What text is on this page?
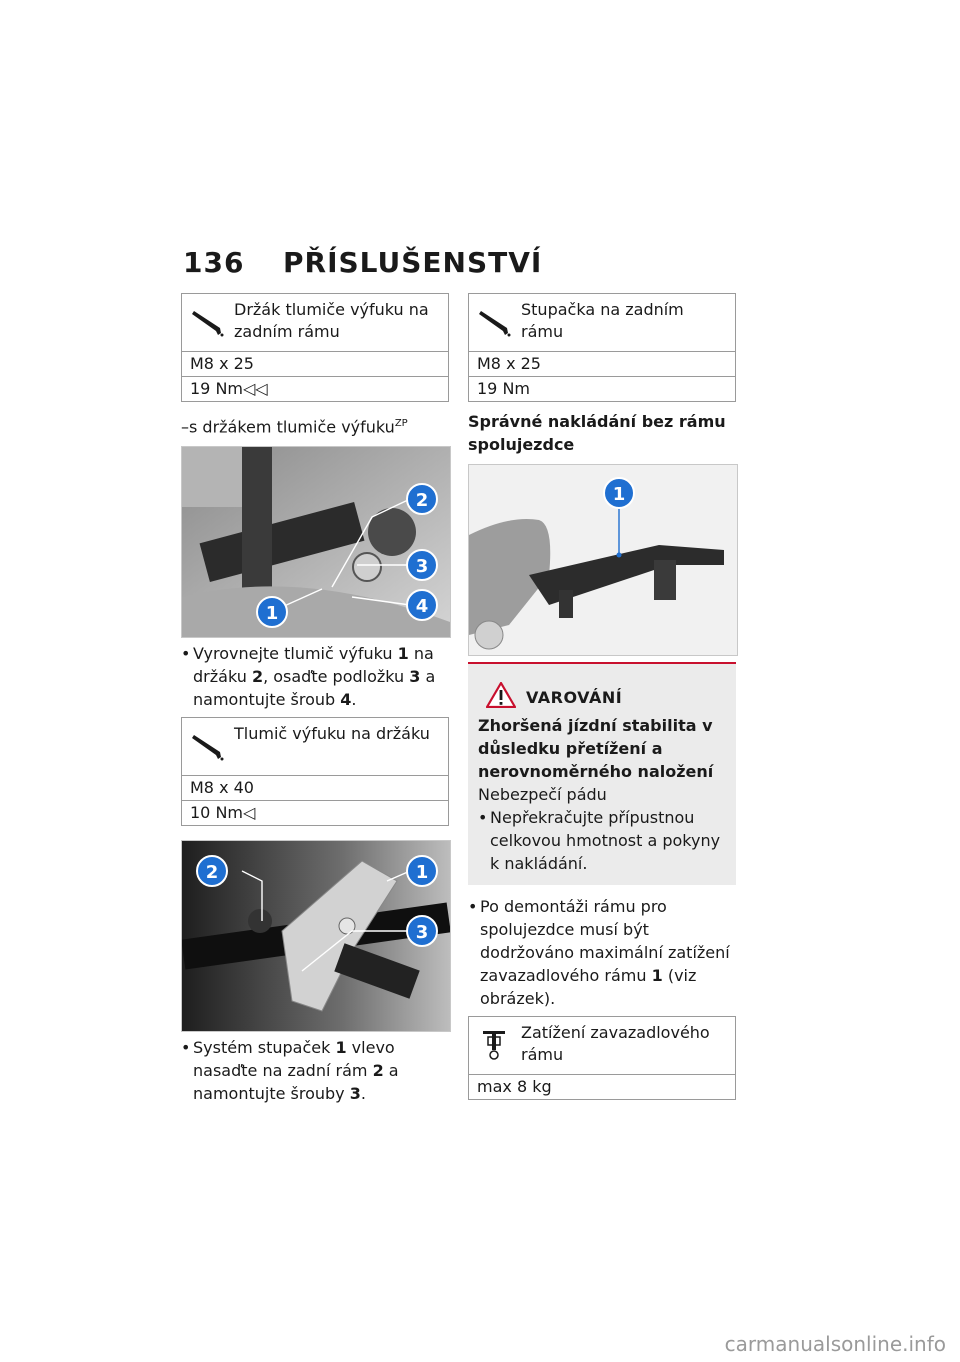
136 PŘÍSLUŠENSTVÍ
Držák tlumiče výfuku na zadním rámu
M8 x 25
19 Nm◁◁
–s držákem tlumiče výfuku$^{ZP}$
1
2
3
4
• Vyrovnejte tlumič výfuku 1 na držáku 2, osaďte podložku 3 a namontujte šroub 4.
Tlumič výfuku na držáku
M8 x 40
10 Nm◁
1
2
3
• Systém stupaček 1 vlevo nasaďte na zadní rám 2 a namontujte šrouby 3.
Stupačka na zadním rámu
M8 x 25
19 Nm
Správné nakládání bez rámu spolujezdce
1
VAROVÁNÍ
Zhoršená jízdní stabilita v důsledku přetížení a nerovnoměrného naložení
Nebezpečí pádu
• Nepřekračujte přípustnou celkovou hmotnost a pokyny k nakládání.
• Po demontáži rámu pro spolujezdce musí být dodržováno maximální zatížení zavazadlového rámu 1 (viz obrázek).
Zatížení zavazadlového rámu
max 8 kg
carmanualsonline.info
